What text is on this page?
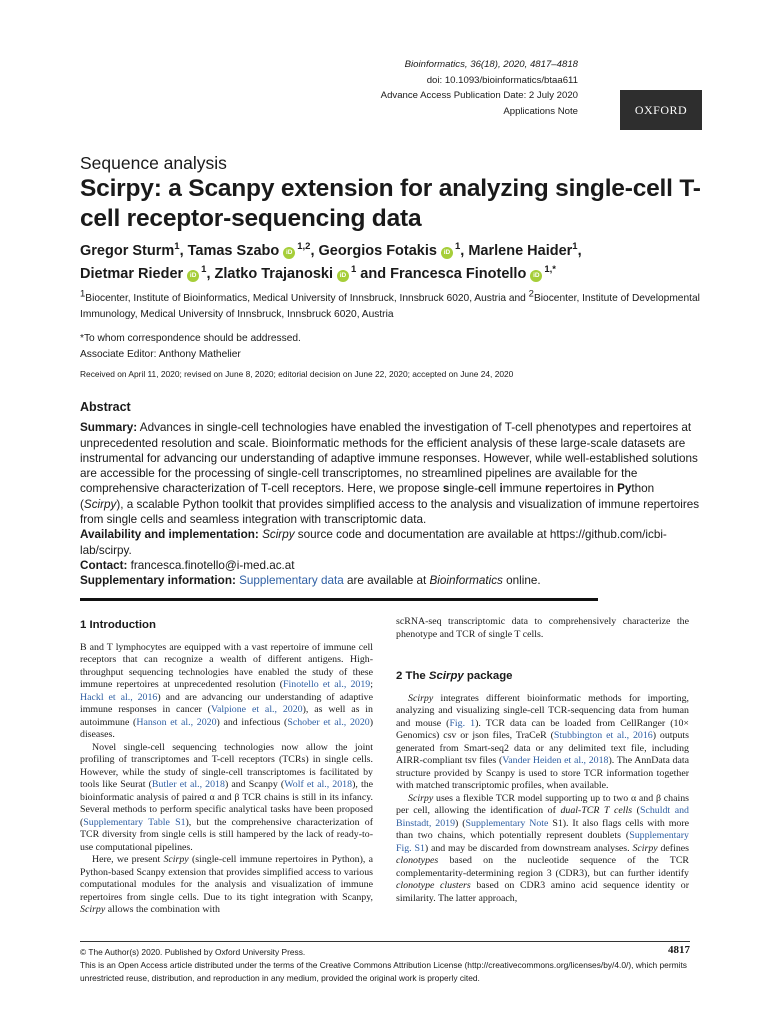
Bioinformatics, 36(18), 2020, 4817–4818
doi: 10.1093/bioinformatics/btaa611
Advance Access Publication Date: 2 July 2020
Applications Note	OXFORD
Sequence analysis
Scirpy: a Scanpy extension for analyzing single-cell T-cell receptor-sequencing data
Gregor Sturm$^1$, Tamas Szabo iD$^{1,2}$, Georgios Fotakis iD$^1$, Marlene Haider$^1$,
Dietmar Rieder iD$^1$, Zlatko Trajanoski iD$^1$ and Francesca Finotello iD$^{1,*}$
1Biocenter, Institute of Bioinformatics, Medical University of Innsbruck, Innsbruck 6020, Austria and 2Biocenter, Institute of Developmental Immunology, Medical University of Innsbruck, Innsbruck 6020, Austria
*To whom correspondence should be addressed.
Associate Editor: Anthony Mathelier
Received on April 11, 2020; revised on June 8, 2020; editorial decision on June 22, 2020; accepted on June 24, 2020
Abstract

Summary: Advances in single-cell technologies have enabled the investigation of T-cell phenotypes and repertoires at unprecedented resolution and scale. Bioinformatic methods for the efficient analysis of these large-scale datasets are instrumental for advancing our understanding of adaptive immune responses. However, while well-established solutions are accessible for the processing of single-cell transcriptomes, no streamlined pipelines are available for the comprehensive characterization of T-cell receptors. Here, we propose single-cell immune repertoires in Python (Scirpy), a scalable Python toolkit that provides simplified access to the analysis and visualization of immune repertoires from single cells and seamless integration with transcriptomic data.

Availability and implementation: Scirpy source code and documentation are available at https://github.com/icbi-lab/scirpy.

Contact: francesca.finotello@i-med.ac.at

Supplementary information: Supplementary data are available at Bioinformatics online.

1 Introduction

B and T lymphocytes are equipped with a vast repertoire of immune cell receptors that can recognize a wealth of different antigens. High-throughput sequencing technologies have enabled the study of these immune repertoires at unprecedented resolution (Finotello et al., 2019; Hackl et al., 2016) and are advancing our understanding of adaptive immune responses in cancer (Valpione et al., 2020), as well as in autoimmune (Hanson et al., 2020) and infectious (Schober et al., 2020) diseases.

Novel single-cell sequencing technologies now allow the joint profiling of transcriptomes and T-cell receptors (TCRs) in single cells. However, while the study of single-cell transcriptomes is facilitated by tools like Seurat (Butler et al., 2018) and Scanpy (Wolf et al., 2018), the bioinformatic analysis of paired α and β TCR chains is still in its infancy. Several methods to perform specific analytical tasks have been proposed (Supplementary Table S1), but the comprehensive characterization of TCR diversity from single cells is still hampered by the lack of ready-to-use computational pipelines.

Here, we present Scirpy (single-cell immune repertoires in Python), a Python-based Scanpy extension that provides simplified access to various computational modules for the analysis and visualization of immune repertoires from single cells. Due to its tight integration with Scanpy, Scirpy allows the combination with

scRNA-seq transcriptomic data to comprehensively characterize the phenotype and TCR of single T cells.

2 The Scirpy package

Scirpy integrates different bioinformatic methods for importing, analyzing and visualizing single-cell TCR-sequencing data from human and mouse (Fig. 1). TCR data can be loaded from CellRanger (10× Genomics) csv or json files, TraCeR (Stubbington et al., 2016) outputs generated from Smart-seq2 data or any delimited text file, including AIRR-compliant tsv files (Vander Heiden et al., 2018). The AnnData data structure provided by Scanpy is used to store TCR information together with matched transcriptomic profiles, when available.

Scirpy uses a flexible TCR model supporting up to two α and β chains per cell, allowing the identification of dual-TCR T cells (Schuldt and Binstadt, 2019) (Supplementary Note S1). It also flags cells with more than two chains, which potentially represent doublets (Supplementary Fig. S1) and may be discarded from downstream analyses. Scirpy defines clonotypes based on the nucleotide sequence of the TCR complementarity-determining region 3 (CDR3), but can further identify clonotype clusters based on CDR3 amino acid sequence identity or similarity. The latter approach,

4817
© The Author(s) 2020. Published by Oxford University Press.
This is an Open Access article distributed under the terms of the Creative Commons Attribution License (http://creativecommons.org/licenses/by/4.0/), which permits unrestricted reuse, distribution, and reproduction in any medium, provided the original work is properly cited.
